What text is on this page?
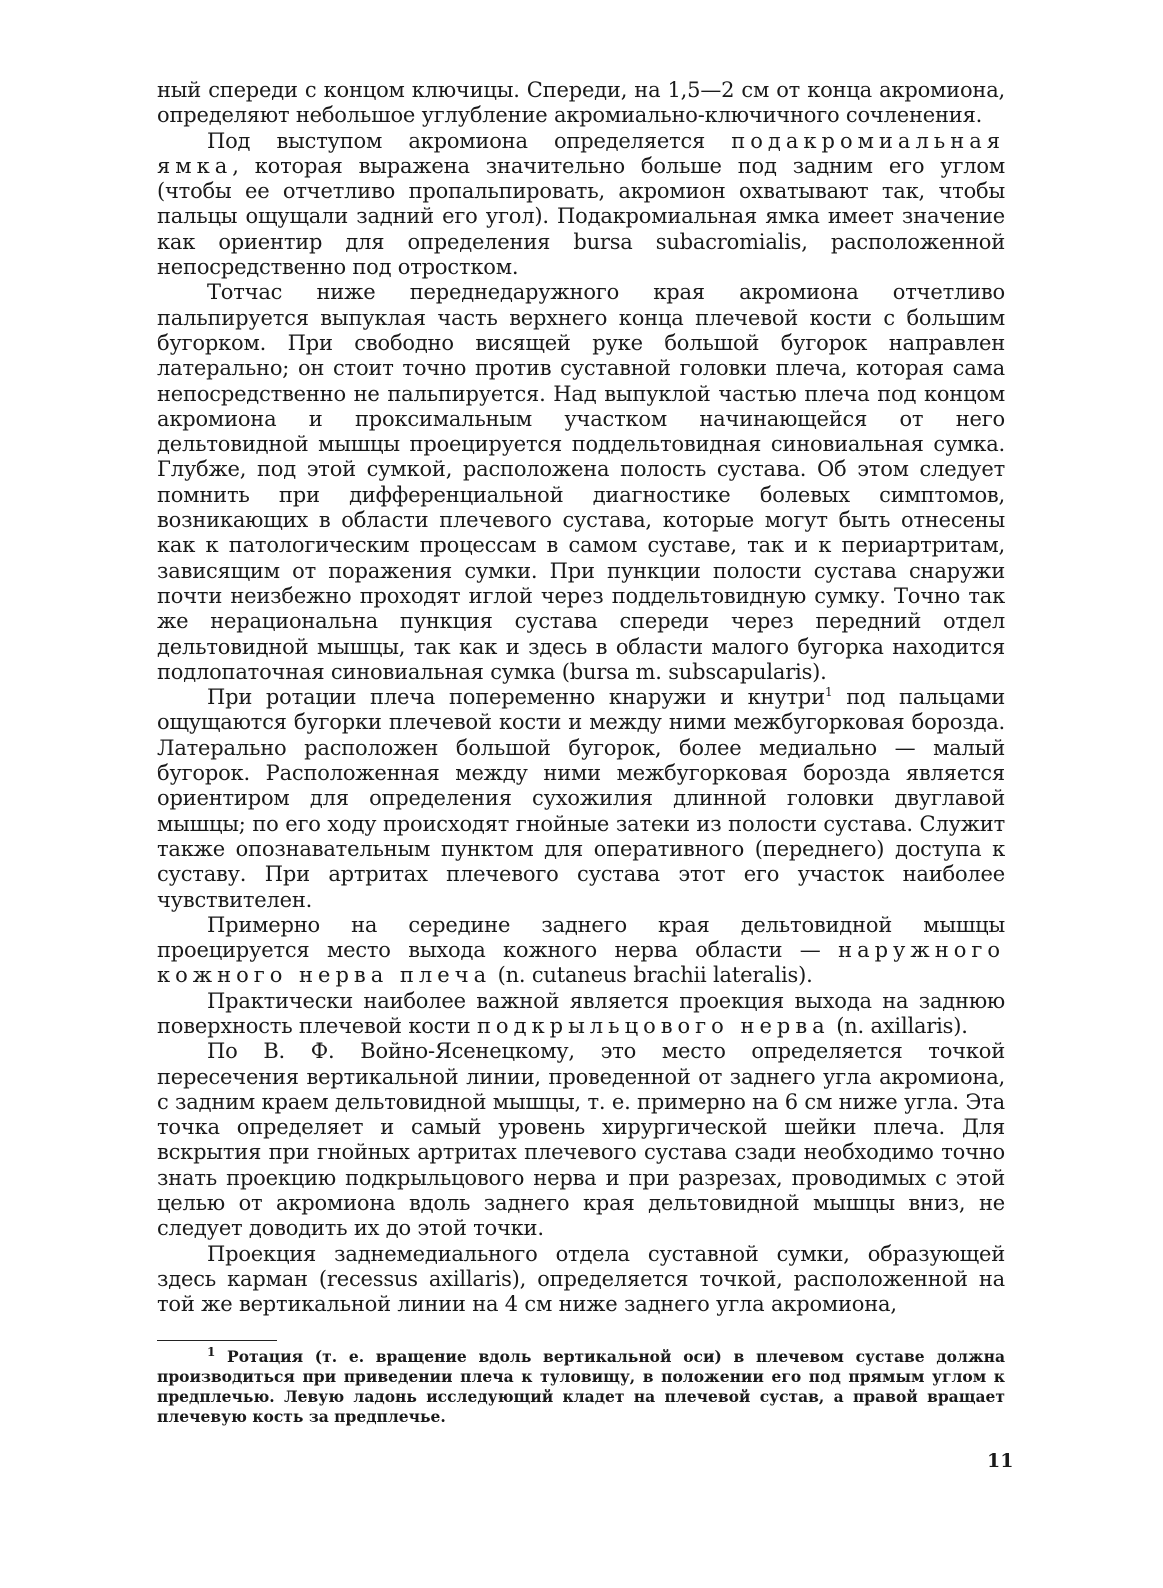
ный спереди с концом ключицы. Спереди, на 1,5—2 см от конца акромиона, определяют небольшое углубление акромиально-ключичного сочленения.

Под выступом акромиона определяется подакромиальная ямка, которая выражена значительно больше под задним его углом (чтобы ее отчетливо пропальпировать, акромион охватывают так, чтобы пальцы ощущали задний его угол). Подакромиальная ямка имеет значение как ориентир для определения bursa subacromialis, расположенной непосредственно под отростком.

Тотчас ниже переднедаружного края акромиона отчетливо пальпируется выпуклая часть верхнего конца плечевой кости с большим бугорком. При свободно висящей руке большой бугорок направлен латерально; он стоит точно против суставной головки плеча, которая сама непосредственно не пальпируется. Над выпуклой частью плеча под концом акромиона и проксимальным участком начинающейся от него дельтовидной мышцы проецируется поддельтовидная синовиальная сумка. Глубже, под этой сумкой, расположена полость сустава. Об этом следует помнить при дифференциальной диагностике болевых симптомов, возникающих в области плечевого сустава, которые могут быть отнесены как к патологическим процессам в самом суставе, так и к периартритам, зависящим от поражения сумки. При пункции полости сустава снаружи почти неизбежно проходят иглой через поддельтовидную сумку. Точно так же нерациональна пункция сустава спереди через передний отдел дельтовидной мышцы, так как и здесь в области малого бугорка находится подлопаточная синовиальная сумка (bursa m. subscapularis).

При ротации плеча попеременно кнаружи и кнутри$^1$ под пальцами ощущаются бугорки плечевой кости и между ними межбугорковая борозда. Латерально расположен большой бугорок, более медиально — малый бугорок. Расположенная между ними межбугорковая борозда является ориентиром для определения сухожилия длинной головки двуглавой мышцы; по его ходу происходят гнойные затеки из полости сустава. Служит также опознавательным пунктом для оперативного (переднего) доступа к суставу. При артритах плечевого сустава этот его участок наиболее чувствителен.

Примерно на середине заднего края дельтовидной мышцы проецируется место выхода кожного нерва области — наружного кожного нерва плеча (n. cutaneus brachii lateralis).

Практически наиболее важной является проекция выхода на заднюю поверхность плечевой кости подкрыльцового нерва (n. axillaris).

По В. Ф. Войно-Ясенецкому, это место определяется точкой пересечения вертикальной линии, проведенной от заднего угла акромиона, с задним краем дельтовидной мышцы, т. е. примерно на 6 см ниже угла. Эта точка определяет и самый уровень хирургической шейки плеча. Для вскрытия при гнойных артритах плечевого сустава сзади необходимо точно знать проекцию подкрыльцового нерва и при разрезах, проводимых с этой целью от акромиона вдоль заднего края дельтовидной мышцы вниз, не следует доводить их до этой точки.

Проекция заднемедиального отдела суставной сумки, образующей здесь карман (recessus axillaris), определяется точкой, расположенной на той же вертикальной линии на 4 см ниже заднего угла акромиона,

$^1$ Ротация (т. е. вращение вдоль вертикальной оси) в плечевом суставе должна производиться при приведении плеча к туловищу, в положении его под прямым углом к предплечью. Левую ладонь исследующий кладет на плечевой сустав, а правой вращает плечевую кость за предплечье.

11
